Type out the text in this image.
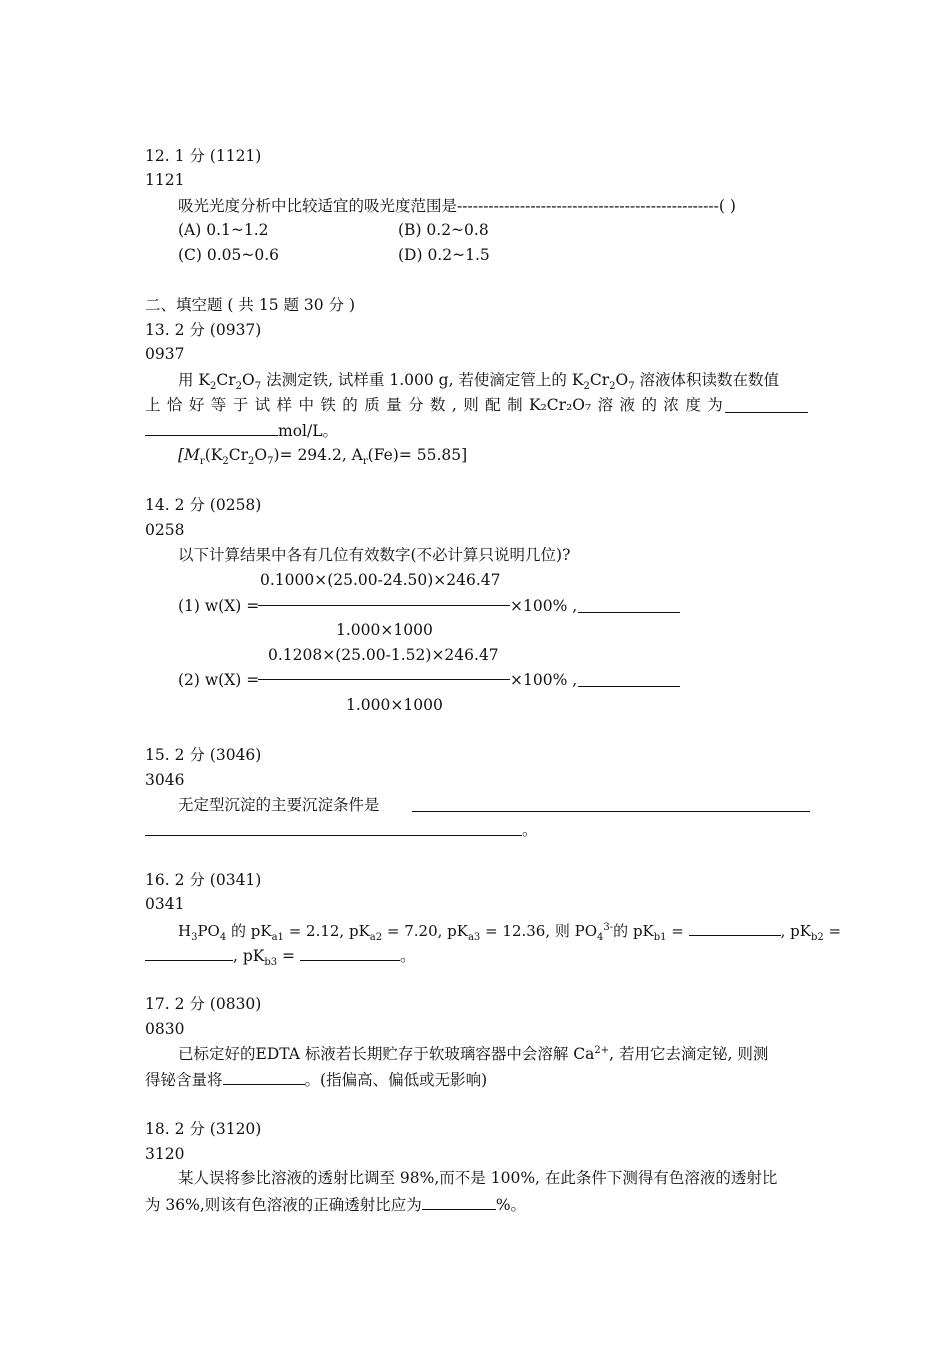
12. 1 分 (1121)
1121
吸光光度分析中比较适宜的吸光度范围是--------------------------------------------------( )
(A) 0.1~1.2	(B) 0.2~0.8
(C) 0.05~0.6	(D) 0.2~1.5
二、填空题 ( 共 15 题 30 分 )
13. 2 分 (0937)
0937
用 $K_2Cr_2O_7$ 法测定铁, 试样重 1.000 g, 若使滴定管上的 $K_2Cr_2O_7$ 溶液体积读数在数值
上 恰 好 等 于 试 样 中 铁 的 质 量 分 数 , 则 配 制 K₂Cr₂O₇ 溶 液 的 浓 度 为
mol/L。
[$M_r(K_2Cr_2O_7)= 294.2$, $A_r(Fe)= 55.85$]
14. 2 分 (0258)
0258
以下计算结果中各有几位有效数字(不必计算只说明几位)?
0.1000×(25.00-24.50)×246.47
(1) w(X) =	×100% ,
1.000×1000
0.1208×(25.00-1.52)×246.47
(2) w(X) =	×100% ,
1.000×1000
15. 2 分 (3046)
3046
无定型沉淀的主要沉淀条件是
。
16. 2 分 (0341)
0341
$H_3PO_4$ 的 $pK_{a1} = 2.12$, $pK_{a2} = 7.20$, $pK_{a3} = 12.36$, 则 $PO_4^{3-}$的 $pK_{b1}$ =	, $pK_{b2}$ =
, $pK_{b3}$ =	。
17. 2 分 (0830)
0830
已标定好的EDTA 标液若长期贮存于软玻璃容器中会溶解 $Ca^{2+}$, 若用它去滴定铋, 则测
得铋含量将	。(指偏高、偏低或无影响)
18. 2 分 (3120)
3120
某人误将参比溶液的透射比调至 98%,而不是 100%, 在此条件下测得有色溶液的透射比
为 36%,则该有色溶液的正确透射比应为	%。
